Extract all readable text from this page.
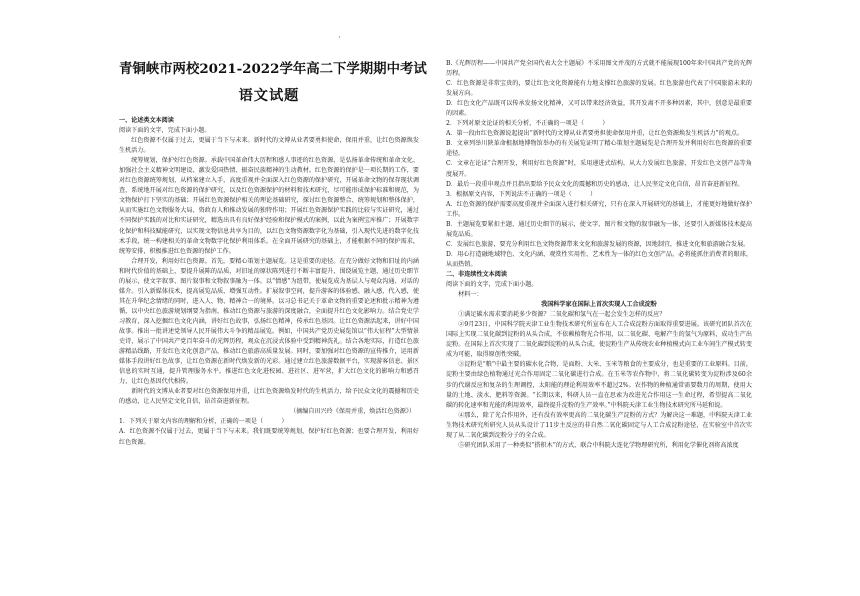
·
青铜峡市两校2021-2022学年高二下学期期中考试
语文试题

一、论述类文本阅读

阅读下面的文字，完成下面小题。

红色资源不仅属于过去，更属于当下与未来。新时代的文博从业者要勇担使命，保用并重，让红色资源焕发生机活力。

统筹规划，保护好红色资源。承载中国革命伟大历程和感人事迹的红色资源，是弘扬革命传统和革命文化、加强社会主义精神文明建设、激发爱国热情、振奋民族精神的生动教材。红色资源的保护是一项长期的工作，要对红色资源统筹规划，从档案建立入手，高度重视并全面深入红色资源的保护研究，开展革命文物的保存现状调查，系统地开展对红色资源的保护研究，以及红色资源保护的材料和技术研究，尽可能形成保护标准和规范，为文物保护打下坚实的基础；开展红色资源保护相关的理论基础研究，探讨红色资源整合、统筹规划和整体保护，从而实施红色文物服务大局、资政育人和推动发展的独特作用；开展红色资源保护实践的比较与实证研究，通过不同保护实践的对比和实证研究，精选出具有良好保护经验和保护模式的案例，以此为案例宝库推广；开展数字化保护和科技赋能研究，以实现文物信息共享为目的，以红色文物资源数字化为基础，引入现代先进的数字化技术手段，统一构建相关的革命文物数字化保护利用体系。在全面开展研究的基础上，才能根据不同的保护需求，统筹安排，积极推进红色资源的保护工作。

合理开发，利用好红色资源。首先，要精心策划主题展览。这是重要的途径。在充分做好文物和旧址的内涵和时代价值的基础上，要提升展陈的品质，对旧址的原状陈列进行不断丰富提升，围绕展览主题，通过历史细节的展示，使文字叙事、图片叙事和文物叙事融为一体。以“情感”为纽带，使展览成为基层人与观众沟通、对话的媒介。引入新媒体技术，提高展览品质，增强互动性。扩展叙事空间，提升游客的体验感、融入感、代入感，使其在升华纪念情绪的同时，进入人、物、精神合一的境界。以习总书记关于革命文物的重要论述和批示精神为遵循，以中央红色旅游规划纲要为指南，推动红色资源与旅游的深度融合，全面提升红色文化影响力。结合党史学习教育，深入挖掘红色文化内涵，讲好红色故事，弘扬红色精神，传承红色基因。让红色资源活起来，讲好中国故事。推出一批讲述党领导人民开展伟大斗争的精品展览。例如，中国共产党历史展览馆以“伟大征程”大型情景史诗，展示了中国共产党百年奋斗的光辉历程，观众在沉浸式体验中受到精神洗礼。结合各地实际，打造红色旅游精品线路，开发红色文化创意产品，推动红色旅游高质量发展。同时，要加强对红色资源的宣传推介，运用新媒体手段讲好红色故事，让红色资源在新时代焕发新的光彩。通过建立红色旅游数据平台，实现游客信息、景区信息的实时互通，提升管理服务水平。推进红色文化进校园、进社区、进军营，扩大红色文化的影响力和感召力，让红色基因代代相传。

新时代的文博从业者要对红色资源保用并重，让红色资源焕发时代的生机活力，给予民众文化的震撼和历史的感动，让人民坚定文化自信，昂首奋进新征程。

（摘编自田兴玲《保用并重，焕活红色资源》）

1．下列关于原文内容的理解和分析，正确的一项是（　　　）

A．红色资源不仅属于过去，更属于当下与未来。我们既要统筹规划，保护好红色资源；也要合理开发，利用好红色资源。

B.《光辉历程——中国共产党全国代表大会主题展》不采用图文并茂的方式就不能展现100年来中国共产党的光辉历程。

C．红色资源是非常宝贵的，要让红色文化资源能有力地支撑红色旅游的发展。红色旅游也代表了中国旅游未来的发展方向。

D．红色文化产品既可以传承发扬文化精神，又可以带来经济效益，其开发离不开多种因素，其中，创意是最重要的因素。

2．下列对原文论证的相关分析，不正确的一项是（　　　）

A．第一段由红色资源说起提出“新时代的文博从业者要勇担使命保用并重，让红色资源焕发生机活力”的观点。

B．文章列举川陕革命根据地博物馆举办的有关展览证明了精心策划主题展览是合理开发并利用好红色资源的重要途径。

C．文章在论证“合理开发，利用好红色资源”时，采用递进式结构，从大力发展红色旅游、开发红色文创产品等角度展开。

D．最后一段重申观点并且指出要给予民众文化的震撼和历史的感动，让人民坚定文化自信，昂首奋进新征程。

3．根据原文内容，下列说法不正确的一项是（　　　）

A．红色资源的保护需要高度重视并全面深入进行相关研究，只有在深入开展研究的基础上，才能更好地做好保护工作。

B．主题展览要紧扣主题，通过历史细节的展示，使文字、图片和文物的叙事融为一体，还要引入新媒体技术提高展览品质。

C．发展红色旅游，要充分利用红色文物资源带来文化和旅游发展的资源，因地制宜，推进文化和旅游融合发展。

D．用心打造融地域特色、文化内涵、观赏性实用性、艺术性为一体的红色文创产品，必将能抓住消费者的眼球，从而热销。

二、非连续性文本阅读

阅读下面的文字，完成下面小题。

材料一：

我国科学家在国际上首次实现人工合成淀粉

①满足碳水需求要消耗多少资源？二氧化碳和氢气在一起会发生怎样的反应？

②9月23日，中国科学院天津工业生物技术研究所宣布在人工合成淀粉方面取得重要进展。该研究团队首次在国际上实现二氧化碳到淀粉的从头合成，不依赖植物光合作用，以二氧化碳、电解产生的氢气为原料，成功生产出淀粉。在国际上首次实现了二氧化碳到淀粉的从头合成，使淀粉生产从传统农业种植模式向工业车间生产模式转变成为可能，取得原创性突破。

③淀粉是“粮”中最主要的碳水化合物，是面粉、大米、玉米等粮食的主要成分，也是重要的工业原料。目前，淀粉主要由绿色植物通过光合作用固定二氧化碳进行合成。在玉米等农作物中，将二氧化碳转变为淀粉涉及60余步的代谢反应和复杂的生理调控，太阳能的理论利用效率不超过2%。农作物的种植通常需要数月的周期，使用大量的土地、淡水、肥料等资源。“长期以来，科研人员一直在思索为改进光合作用这一生命过程，希望提高二氧化碳的转化速率和光能的利用效率，最终提升淀粉的生产效率。”中科院天津工业生物技术研究所马延和说。

④那么，除了光合作用外，还有没有效率更高的二氧化碳生产淀粉的方式？为解决这一难题，中科院天津工业生物技术研究所研究人员从头设计了11步主反应的非自然二氧化碳固定与人工合成淀粉途径，在实验室中首次实现了从二氧化碳到淀粉分子的全合成。

⑤研究团队采用了一种类似“搭积木”的方式，联合中科院大连化学物理研究所，利用化学催化剂将高浓度
